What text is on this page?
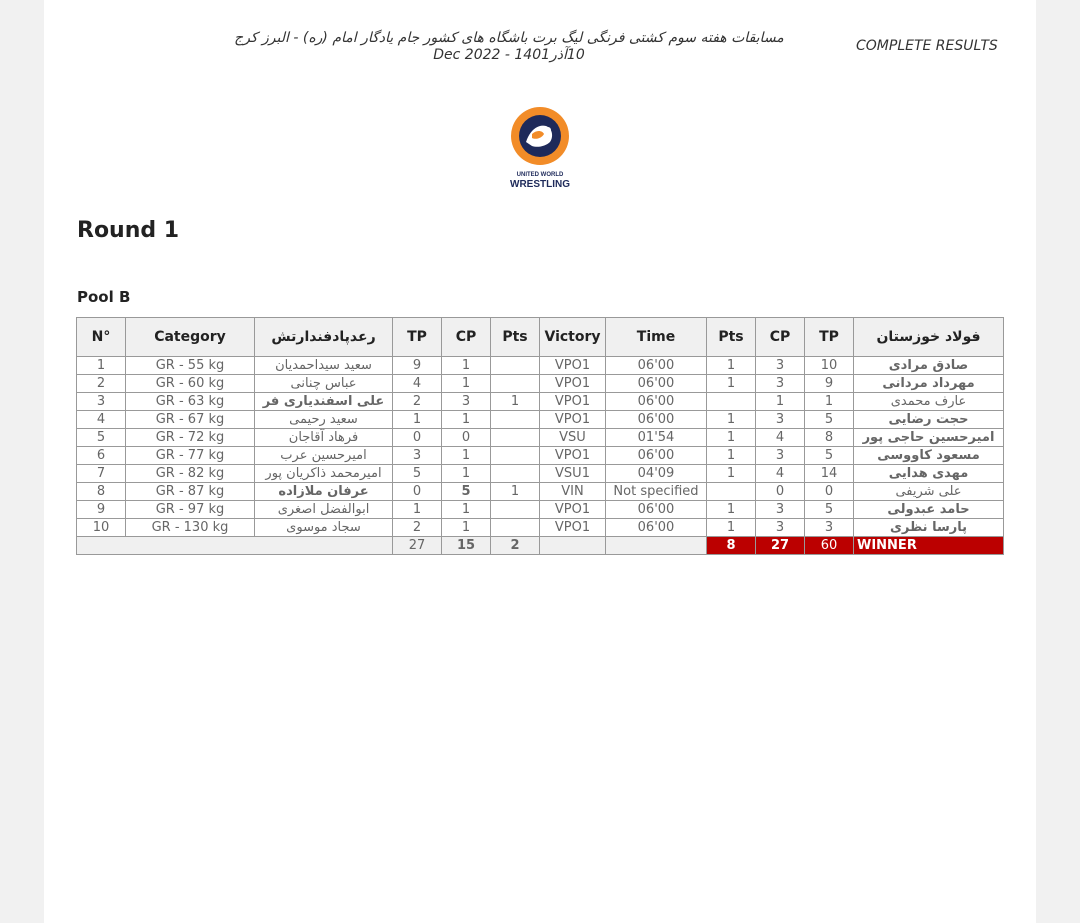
مسابقات هفته سوم کشتی فرنگی لیگ برت باشگاه های کشور جام یادگار امام (ره) - البرز کرج
10آذر1401 - Dec 2022
COMPLETE RESULTS
UNITED WORLD
WRESTLING
Round 1
Pool B
N°	Category	رعدپادفندارتش	TP	CP	Pts	Victory	Time	Pts	CP	TP	فولاد خوزستان
1	GR - 55 kg	سعید سیداحمدیان	9	1		VPO1	06'00	1	3	10	صادق مرادی
2	GR - 60 kg	عباس چنانی	4	1		VPO1	06'00	1	3	9	مهرداد مردانی
3	GR - 63 kg	علی اسفندیاری فر	2	3	1	VPO1	06'00		1	1	عارف محمدی
4	GR - 67 kg	سعید رحیمی	1	1		VPO1	06'00	1	3	5	حجت رضایی
5	GR - 72 kg	فرهاد آقاجان	0	0		VSU	01'54	1	4	8	امیرحسین حاجی پور
6	GR - 77 kg	امیرحسین عرب	3	1		VPO1	06'00	1	3	5	مسعود کاووسی
7	GR - 82 kg	امیرمحمد ذاکریان پور	5	1		VSU1	04'09	1	4	14	مهدی هدایی
8	GR - 87 kg	عرفان ملازاده	0	5	1	VIN	Not specified		0	0	علی شریفی
9	GR - 97 kg	ابوالفضل اصغری	1	1		VPO1	06'00	1	3	5	حامد عبدولی
10	GR - 130 kg	سجاد موسوی	2	1		VPO1	06'00	1	3	3	پارسا نظری
			27	15	2			8	27	60	WINNER
